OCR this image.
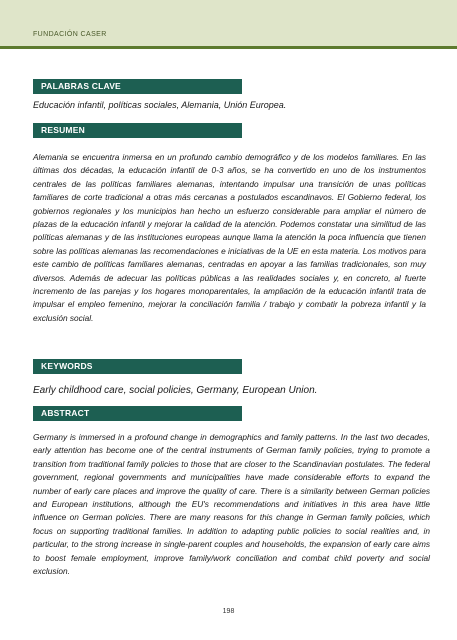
FUNDACIÓN CASER
PALABRAS CLAVE
Educación infantil, políticas sociales, Alemania, Unión Europea.
RESUMEN
Alemania se encuentra inmersa en un profundo cambio demográfico y de los modelos familiares. En las últimas dos décadas, la educación infantil de 0-3 años, se ha convertido en uno de los instrumentos centrales de las políticas familiares alemanas, intentando impulsar una transición de unas políticas familiares de corte tradicional a otras más cercanas a postulados escandinavos. El Gobierno federal, los gobiernos regionales y los municipios han hecho un esfuerzo considerable para ampliar el número de plazas de la educación infantil y mejorar la calidad de la atención. Podemos constatar una similitud de las políticas alemanas y de las instituciones europeas aunque llama la atención la poca influencia que tienen sobre las políticas alemanas las recomendaciones e iniciativas de la UE en esta materia. Los motivos para este cambio de políticas familiares alemanas, centradas en apoyar a las familias tradicionales, son muy diversos. Además de adecuar las políticas públicas a las realidades sociales y, en concreto, al fuerte incremento de las parejas y los hogares monoparentales, la ampliación de la educación infantil trata de impulsar el empleo femenino, mejorar la conciliación familia / trabajo y combatir la pobreza infantil y la exclusión social.
KEYWORDS
Early childhood care, social policies, Germany, European Union.
ABSTRACT
Germany is immersed in a profound change in demographics and family patterns. In the last two decades, early attention has become one of the central instruments of German family policies, trying to promote a transition from traditional family policies to those that are closer to the Scandinavian postulates. The federal government, regional governments and municipalities have made considerable efforts to expand the number of early care places and improve the quality of care. There is a similarity between German policies and European institutions, although the EU's recommendations and initiatives in this area have little influence on German policies. There are many reasons for this change in German family policies, which focus on supporting traditional families. In addition to adapting public policies to social realities and, in particular, to the strong increase in single-parent couples and households, the expansion of early care aims to boost female employment, improve family/work conciliation and combat child poverty and social exclusion.
198
